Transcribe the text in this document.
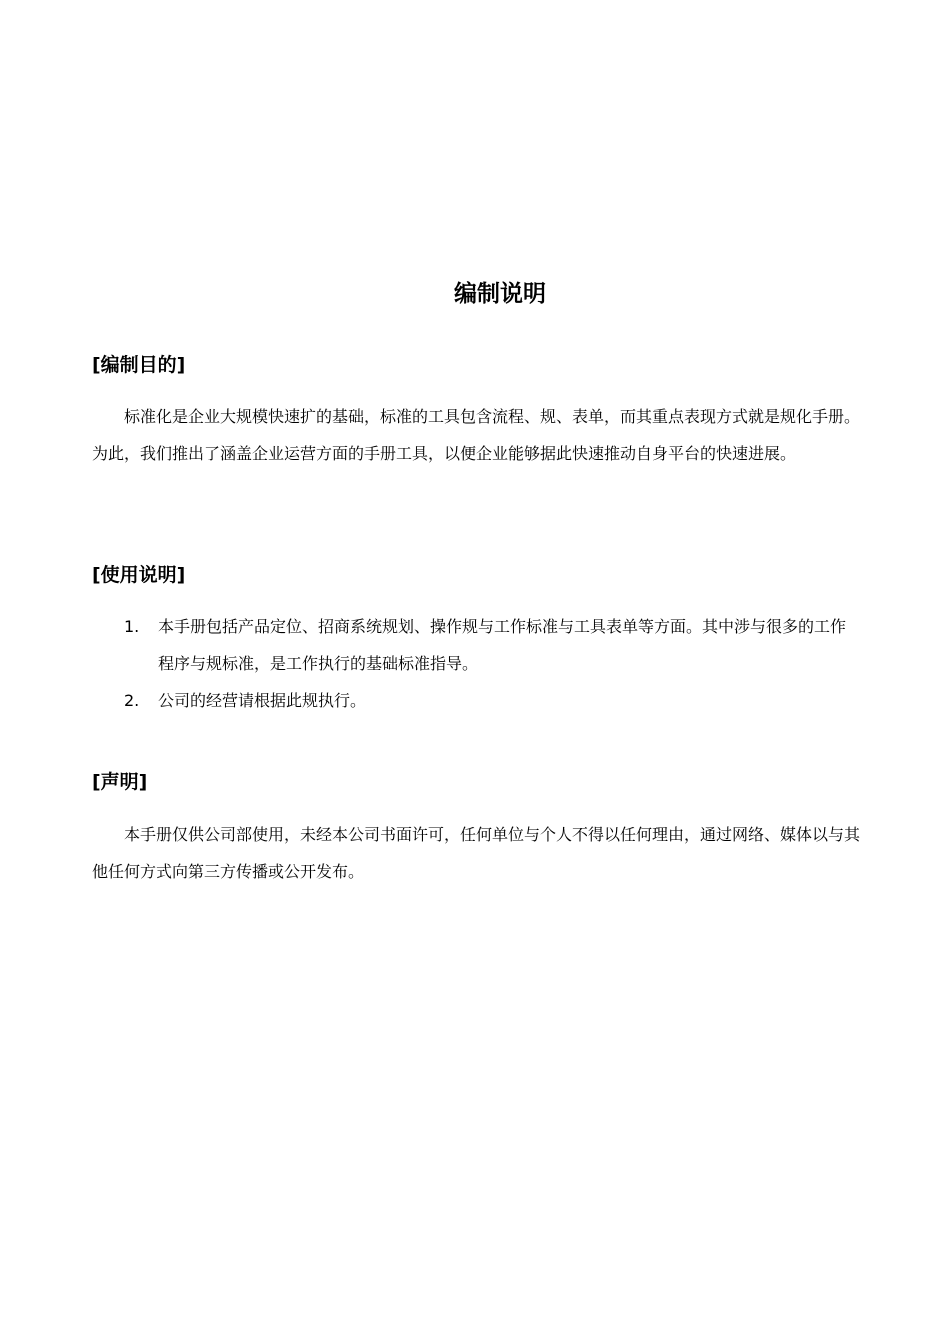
编制说明
[编制目的]

标准化是企业大规模快速扩的基础，标准的工具包含流程、规、表单，而其重点表现方式就是规化手册。为此，我们推出了涵盖企业运营方面的手册工具，以便企业能够据此快速推动自身平台的快速进展。

[使用说明]
1. 本手册包括产品定位、招商系统规划、操作规与工作标准与工具表单等方面。其中涉与很多的工作程序与规标准，是工作执行的基础标准指导。
2. 公司的经营请根据此规执行。
[声明]

本手册仅供公司部使用，未经本公司书面许可，任何单位与个人不得以任何理由，通过网络、媒体以与其他任何方式向第三方传播或公开发布。
